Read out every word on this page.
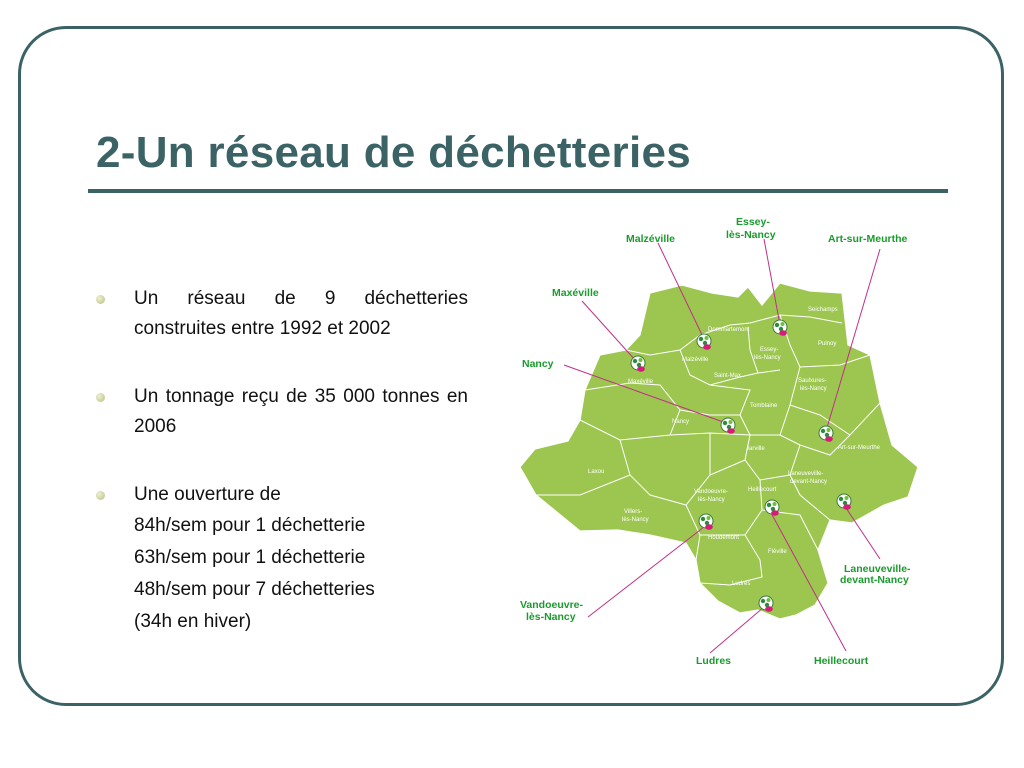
2-Un réseau de déchetteries
Un réseau de 9 déchetteries construites entre 1992 et 2002
Un tonnage reçu de 35 000 tonnes en 2006
Une ouverture de
84h/sem pour 1 déchetterie
63h/sem pour 1 déchetterie
48h/sem pour 7 déchetteries
(34h en hiver)
Seichamps
Dommartemont
Pulnoy
Malzéville
Essey-
lès-Nancy
Saint-Max
Maxéville	Saulxures-
lès-Nancy
Tomblaine
Nancy
Art-sur-Meurthe
Jarville
Laxou	Laneuveville-
devant-Nancy
Heillecourt
Vandoeuvre-
lès-Nancy
Villers-
lès-Nancy
Houdemont
Fléville
Ludres
Malzéville
Essey-
lès-Nancy	Art-sur-Meurthe
Maxéville
Nancy
Laneuveville-
devant-Nancy
Vandoeuvre-
lès-Nancy
Ludres	Heillecourt
